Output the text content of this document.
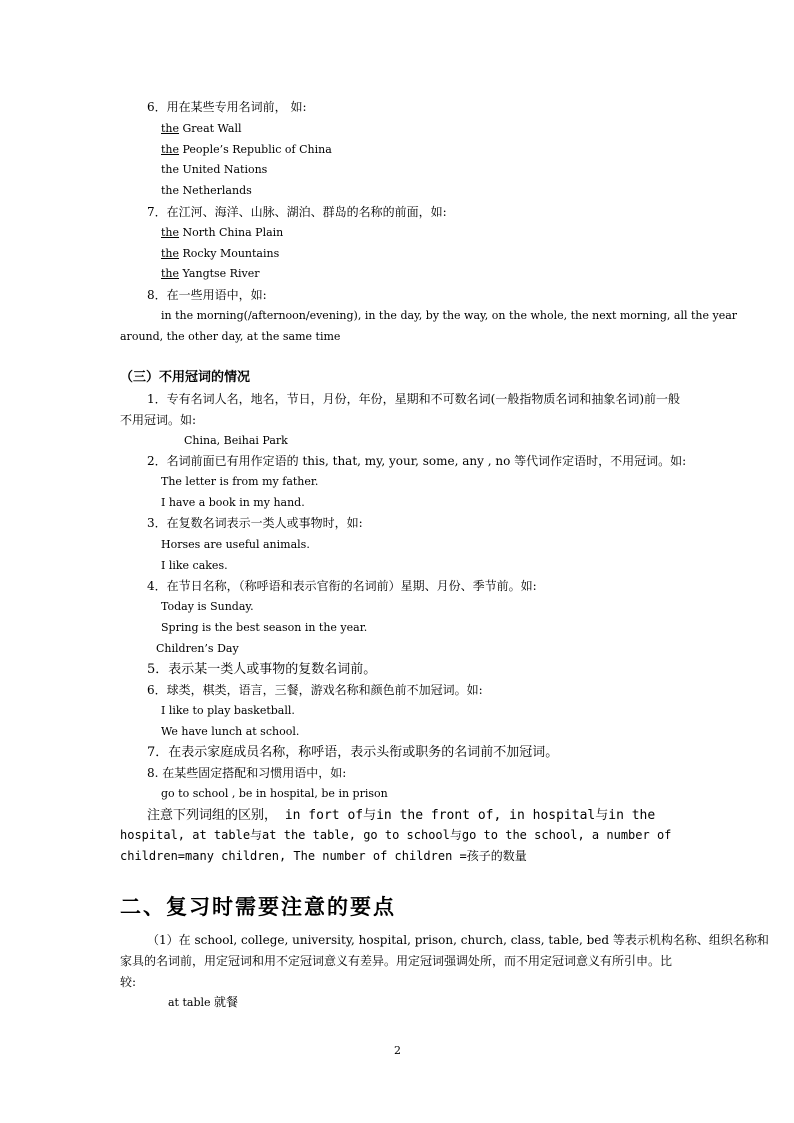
6．用在某些专用名词前， 如:
the Great Wall
the People’s Republic of China
the United Nations
the Netherlands
7．在江河、海洋、山脉、湖泊、群岛的名称的前面，如:
the North China Plain
the Rocky Mountains
the Yangtse River
8．在一些用语中，如:
in the morning(/afternoon/evening), in the day, by the way, on the whole, the next morning, all the year
around, the other day, at the same time
（三）不用冠词的情况
1．专有名词人名，地名，节日，月份，年份，星期和不可数名词(一般指物质名词和抽象名词)前一般
不用冠词。如:
China, Beihai Park
2．名词前面已有用作定语的 this, that, my, your, some, any , no 等代词作定语时，不用冠词。如:
The letter is from my father.
I have a book in my hand.
3．在复数名词表示一类人或事物时，如:
Horses are useful animals.
I like cakes.
4．在节日名称，（称呼语和表示官衔的名词前）星期、月份、季节前。如:
Today is Sunday.
Spring is the best season in the year.
Children’s Day
5．表示某一类人或事物的复数名词前。
6．球类，棋类，语言，三餐，游戏名称和颜色前不加冠词。如:
I like to play basketball.
We have lunch at school.
7．在表示家庭成员名称，称呼语，表示头衔或职务的名词前不加冠词。
8. 在某些固定搭配和习惯用语中，如:
go to school , be in hospital, be in prison
注意下列词组的区别， in fort of与in the front of, in hospital与in the
hospital, at table与at the table, go to school与go to the school, a number of
children=many children, The number of children =孩子的数量
二、复习时需要注意的要点
（1）在 school, college, university, hospital, prison, church, class, table, bed 等表示机构名称、组织名称和
家具的名词前，用定冠词和用不定冠词意义有差异。用定冠词强调处所，而不用定冠词意义有所引申。比
较:
at table 就餐
2
